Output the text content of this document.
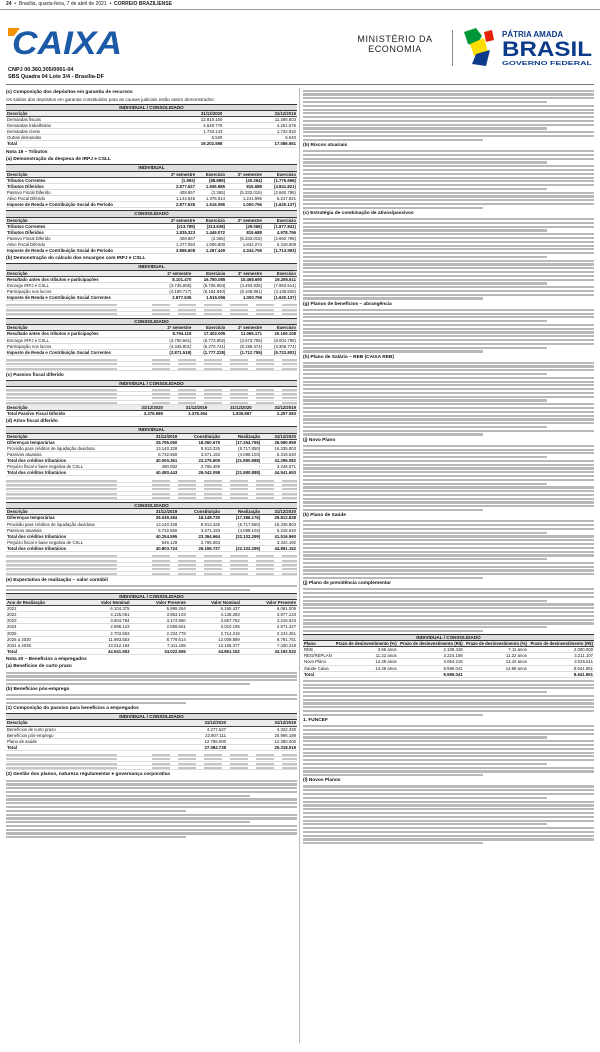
24  •  Brasília, quarta-feira, 7 de abril de 2021  •  CORREIO BRAZILIENSE
CAIXA
CNPJ 00.360.305/0001-04
SBS Quadra 04 Lote 3/4 - Brasília-DF
MINISTÉRIO DA
ECONOMIA
PÁTRIA AMADA
BRASIL
GOVERNO FEDERAL
(c) Composição dos depósitos em garantia de recursos
Os saldos dos depósitos em garantia constituídos para as causas judiciais estão assim demonstrados:
INDIVIDUAL / CONSOLIDADO
Descrição	31/12/2020	31/12/2019
Demandas fiscais	12.810.150	11.286.603
Demandas trabalhistas	4.649.776	4.261.576
Demandas cíveis	1.733.143	1.732.932
Outras demandas	5.529	5.540
Total	19.202.598	17.086.651
Nota 19 – Tributos
(a) Demonstração da despesa de IRPJ e CSLL
INDIVIDUAL
Descrição	2º semestre	Exercício	2º semestre	Exercício
Tributos Correntes	(1.992)	(88.889)	(40.264)	(1.775.668)
Tributos Diferidos	2.877.627	1.606.985	815.688	(4.841.821)
Passivo Fiscal Diferido	408.867	(2.365)	(5.333.015)	(2.660.795)
Ativo Fiscal Diferido	1.144.645	1.376.614	1.241.995	5.217.921
Imposto de Renda e Contribuição Social do Período	2.877.635	1.515.096	1.000.756	(1.620.137)
CONSOLIDADO
Descrição	2º semestre	Exercício	2º semestre	Exercício
Tributos Correntes	(213.789)	(313.638)	(29.066)	(1.877.841)
Tributos Diferidos	1.835.323	1.449.072	815.688	4.978.756
Passivo Fiscal Diferido	408.867	(2.365)	(5.333.015)	(2.660.795)
Ativo Fiscal Diferido	1.377.093	1.006.800	1.842.274	5.318.809
Imposto de Renda e Contribuição Social do Período	2.866.608	1.267.449	2.344.755	(1.713.993)
(b) Demonstração do cálculo dos encargos com IRPJ e CSLL
INDIVIDUAL
Descrição	2º semestre	Exercício	2º semestre	Exercício
Resultado antes dos tributos e participações	8.101.470	16.780.085	10.468.690	19.265.611
Encargo IRPJ e CSLL	(3.745.865)	(5.706.904)	(3.493.935)	(7.993.514)
Participação nos lucros	(4.189.717)	(6.184.840)	(8.108.861)	(3.138.826)
Imposto de Renda e Contribuição Social Correntes	2.877.635	1.515.096	1.000.756	(1.620.137)
CONSOLIDADO
Descrição	2º semestre	Exercício	2º semestre	Exercício
Resultado antes dos tributos e participações	8.794.115	17.402.005	11.065.171	20.106.108
Encargo IRPJ e CSLL	(3.790.661)	(6.773.902)	(3.673.755)	(8.004.789)
Participação nos lucros	(4.345.801)	(6.270.741)	(8.198.474)	(3.306.774)
Imposto de Renda e Contribuição Social Correntes	(2.871.518)	(1.777.228)	(1.712.755)	(5.723.802)
(c) Passivo fiscal diferido
INDIVIDUAL / CONSOLIDADO
Descrição	31/12/2020	31/12/2019	31/12/2020	31/12/2019
Total Passivo Fiscal Diferido	3.376.589	3.378.364	1.836.967	2.257.083
(d) Ativo fiscal diferido
INDIVIDUAL
Descrição	31/12/2019	Constituição	Realização	31/12/2020
Diferenças temporárias	25.795.050	18.060.675	(17.264.765)	26.590.959
Provisão para créditos de liquidação duvidosa	13.140.328	8.913.325	(5.717.850)	16.335.803
Passivos atuariais	5.732.550	3.671.193	(4.088.103)	5.315.640
Total dos créditos tributários	40.000.361	23.275.609	(21.980.888)	41.295.082
Prejuízo fiscal e base negativa de CSLL	480.082	2.766.489	-	3.246.571
Total dos créditos tributários	40.480.443	26.042.098	(21.980.888)	44.541.653
CONSOLIDADO
Descrição	31/12/2019	Constituição	Realização	31/12/2020
Diferenças temporárias	26.049.284	18.149.730	(17.386.176)	26.812.838
Provisão para créditos de liquidação duvidosa	13.140.328	8.913.325	(5.717.850)	16.335.803
Passivos atuariais	5.732.550	3.671.193	(4.088.103)	5.315.640
Total dos créditos tributários	40.254.595	23.364.664	(22.102.299)	41.516.960
Prejuízo fiscal e base negativa de CSLL	549.129	2.795.063	-	3.344.192
Total dos créditos tributários	40.803.724	26.159.727	(22.102.299)	44.861.152
(e) Expectativa de realização – valor contábil
INDIVIDUAL / CONSOLIDADO
Ano de Realização	Valor Nominal	Valor Presente	Valor Nominal	Valor Presente
2021	6.104.375	5.999.264	6.165.437	6.061.009
2022	4.125.061	3.863.103	4.138.283	3.877.133
2023	3.604.784	3.174.960	3.657.752	3.216.643
2024	2.998.123	2.559.651	3.010.195	2.571.227
2025	2.703.563	2.234.778	2.714.219	2.244.451
2026 a 2030	11.993.553	8.779.614	12.009.889	8.791.751
2031 a 2039	13.012.194	7.411.185	13.165.377	7.430.318
Total	44.541.653	34.022.555	44.861.152	34.192.532
Nota 20 – Benefícios a empregados
(a) Benefícios de curto prazo
(b) Benefícios pós-emprego
(1) Composição do passivo para benefícios a empregados
INDIVIDUAL / CONSOLIDADO
Descrição	31/12/2020	31/12/2019
Benefícios de curto prazo	4.277.627	4.322.330
Benefícios pós-emprego	22.807.111	20.996.189
Plano de saúde	12.795.000	12.380.000
Total	27.084.738	25.318.519
(2) Gestão dos planos, natureza regulamentar e governança corporativa
(b) Riscos atuariais
(c) Estratégia de combinação de ativos/passivos
(g) Planos de benefícios – abrangência
(h) Plano de Salário – REB (CAIXA REB)
(j) Novo Plano
(k) Plano de Saúde
(j) Plano de previdência complementar
INDIVIDUAL / CONSOLIDADO
Plano	Prazo de desinvestimento (%)	Prazo de desinvestimento (R$)	Prazo de desinvestimento (%)	Prazo de desinvestimento (R$)
REB	3.66 anos	2.108.418	7.11 anos	2.000.000
REG/REPLAN	11.22 anos	3.224.108	11.22 anos	3.211.107
Novo Plano	12.49 anos	3.064.215	13.42 anos	3.026.611
Saúde Caixa	14.48 anos	9.595.041	14.89 anos	8.641.951
Total		9.595.041		8.641.951
1. FUNCEF
(l) Novos Planos
